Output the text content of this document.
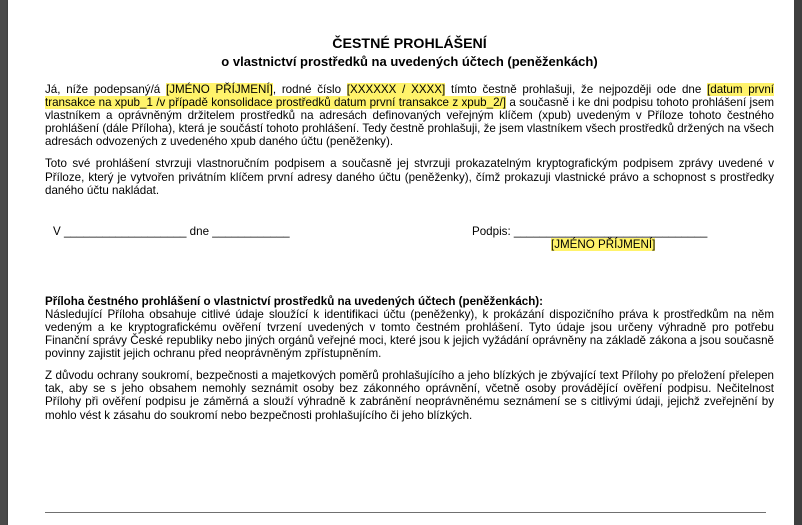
ČESTNÉ PROHLÁŠENÍ
o vlastnictví prostředků na uvedených účtech (peněženkách)

Já, níže podepsaný/á [JMÉNO PŘÍJMENÍ], rodné číslo [XXXXXX / XXXX] tímto čestně prohlašuji, že nejpozději ode dne [datum první transakce na xpub_1 /v případě konsolidace prostředků datum první transakce z xpub_2/] a současně i ke dni podpisu tohoto prohlášení jsem vlastníkem a oprávněným držitelem prostředků na adresách definovaných veřejným klíčem (xpub) uvedeným v Příloze tohoto čestného prohlášení (dále Příloha), která je součástí tohoto prohlášení. Tedy čestně prohlašuji, že jsem vlastníkem všech prostředků držených na všech adresách odvozených z uvedeného xpub daného účtu (peněženky).

Toto své prohlášení stvrzuji vlastnoručním podpisem a současně jej stvrzuji prokazatelným kryptografickým podpisem zprávy uvedené v Příloze, který je vytvořen privátním klíčem první adresy daného účtu (peněženky), čímž prokazuji vlastnické právo a schopnost s prostředky daného účtu nakládat.

V ___________________ dne ____________	Podpis: ______________________________
[JMÉNO PŘÍJMENÍ]
Příloha čestného prohlášení o vlastnictví prostředků na uvedených účtech (peněženkách):

Následující Příloha obsahuje citlivé údaje sloužící k identifikaci účtu (peněženky), k prokázání dispozičního práva k prostředkům na něm vedeným a ke kryptografickému ověření tvrzení uvedených v tomto čestném prohlášení. Tyto údaje jsou určeny výhradně pro potřebu Finanční správy České republiky nebo jiných orgánů veřejné moci, které jsou k jejich vyžádání oprávněny na základě zákona a jsou současně povinny zajistit jejich ochranu před neoprávněným zpřístupněním.

Z důvodu ochrany soukromí, bezpečnosti a majetkových poměrů prohlašujícího a jeho blízkých je zbývající text Přílohy po přeložení přelepen tak, aby se s jeho obsahem nemohly seznámit osoby bez zákonného oprávnění, včetně osoby provádějící ověření podpisu. Nečitelnost Přílohy při ověření podpisu je záměrná a slouží výhradně k zabránění neoprávněnému seznámení se s citlivými údaji, jejichž zveřejnění by mohlo vést k zásahu do soukromí nebo bezpečnosti prohlašujícího či jeho blízkých.
